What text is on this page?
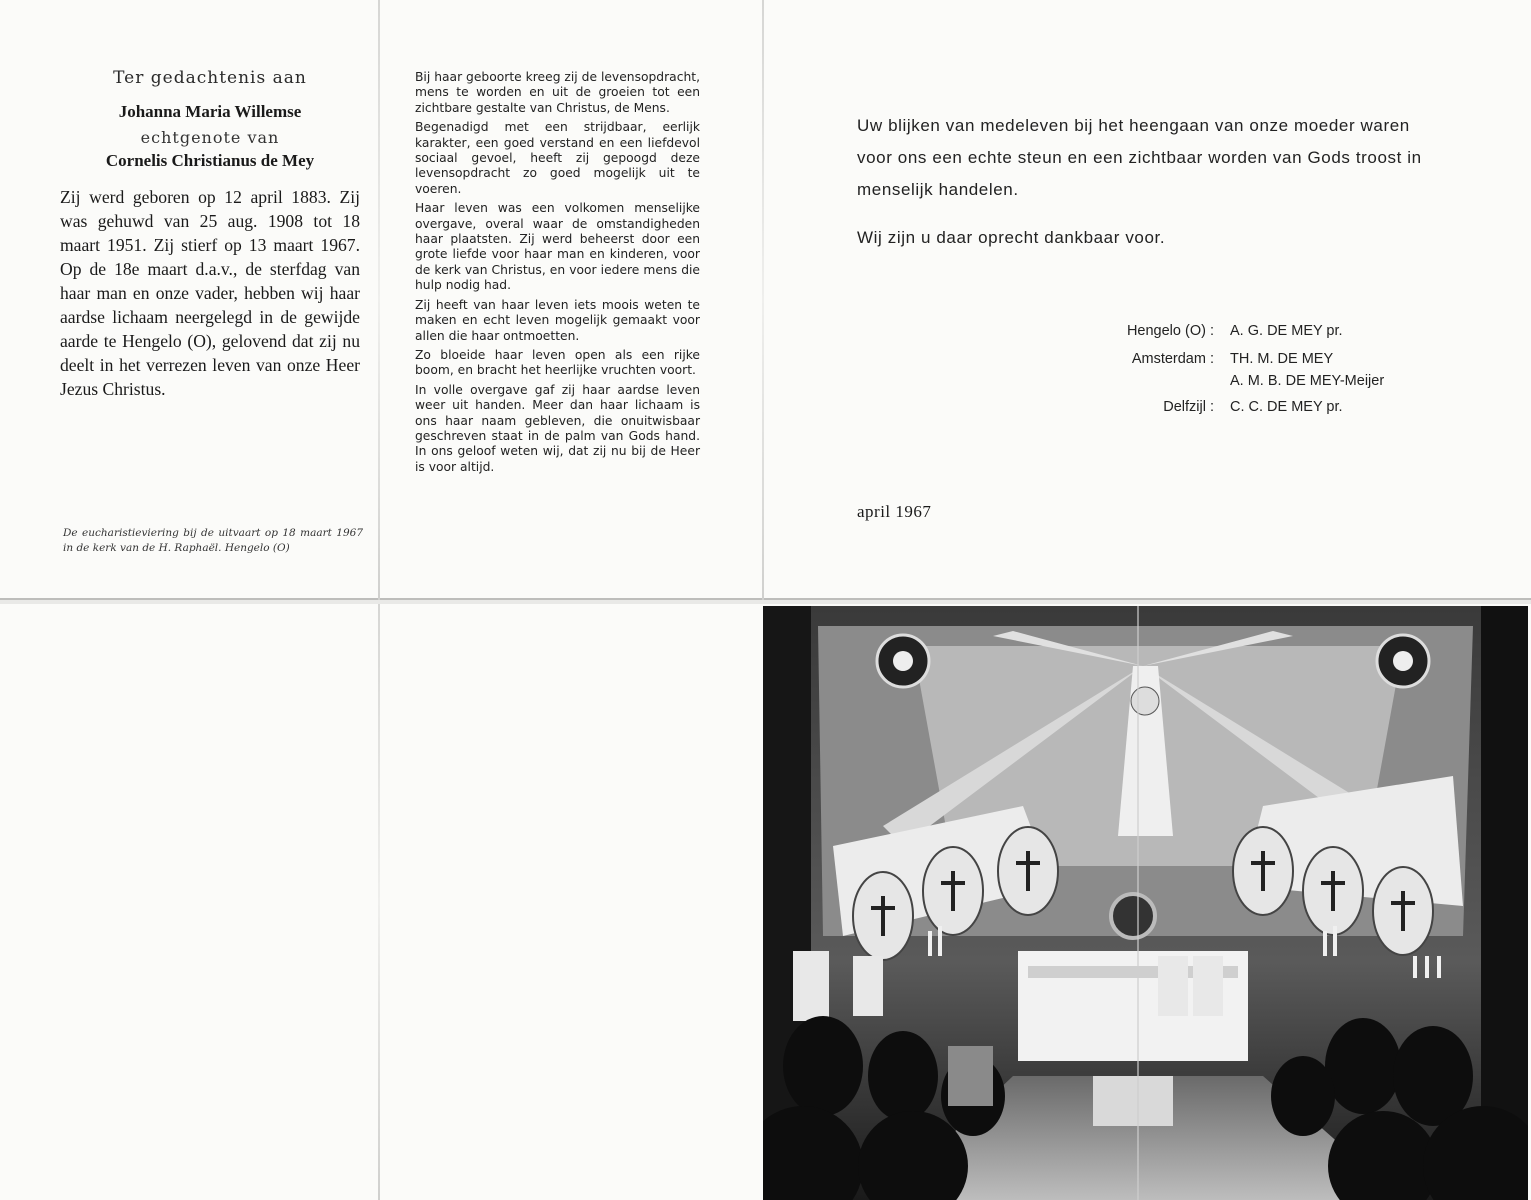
Ter gedachtenis aan
Johanna Maria Willemse
echtgenote van
Cornelis Christianus de Mey
Zij werd geboren op 12 april 1883. Zij was gehuwd van 25 aug. 1908 tot 18 maart 1951. Zij stierf op 13 maart 1967. Op de 18e maart d.a.v., de sterfdag van haar man en onze vader, hebben wij haar aardse lichaam neergelegd in de gewijde aarde te Hengelo (O), gelovend dat zij nu deelt in het verrezen leven van onze Heer Jezus Christus.
De eucharistieviering bij de uitvaart op 18 maart 1967 in de kerk van de H. Raphaël. Hengelo (O)

Bij haar geboorte kreeg zij de levensopdracht, mens te worden en uit de groeien tot een zichtbare gestalte van Christus, de Mens.

Begenadigd met een strijdbaar, eerlijk karakter, een goed verstand en een liefdevol sociaal gevoel, heeft zij gepoogd deze levensopdracht zo goed mogelijk uit te voeren.

Haar leven was een volkomen menselijke overgave, overal waar de omstandigheden haar plaatsten. Zij werd beheerst door een grote liefde voor haar man en kinderen, voor de kerk van Christus, en voor iedere mens die hulp nodig had.

Zij heeft van haar leven iets moois weten te maken en echt leven mogelijk gemaakt voor allen die haar ontmoetten.

Zo bloeide haar leven open als een rijke boom, en bracht het heerlijke vruchten voort.

In volle overgave gaf zij haar aardse leven weer uit handen. Meer dan haar lichaam is ons haar naam gebleven, die onuitwisbaar geschreven staat in de palm van Gods hand. In ons geloof weten wij, dat zij nu bij de Heer is voor altijd.

Uw blijken van medeleven bij het heengaan van onze moeder waren voor ons een echte steun en een zichtbaar worden van Gods troost in menselijk handelen.

Wij zijn u daar oprecht dankbaar voor.

Hengelo (O) :	A. G. DE MEY pr.
Amsterdam :	TH. M. DE MEY
A. M. B. DE MEY-Meijer
Delfzijl :	C. C. DE MEY pr.
april 1967
